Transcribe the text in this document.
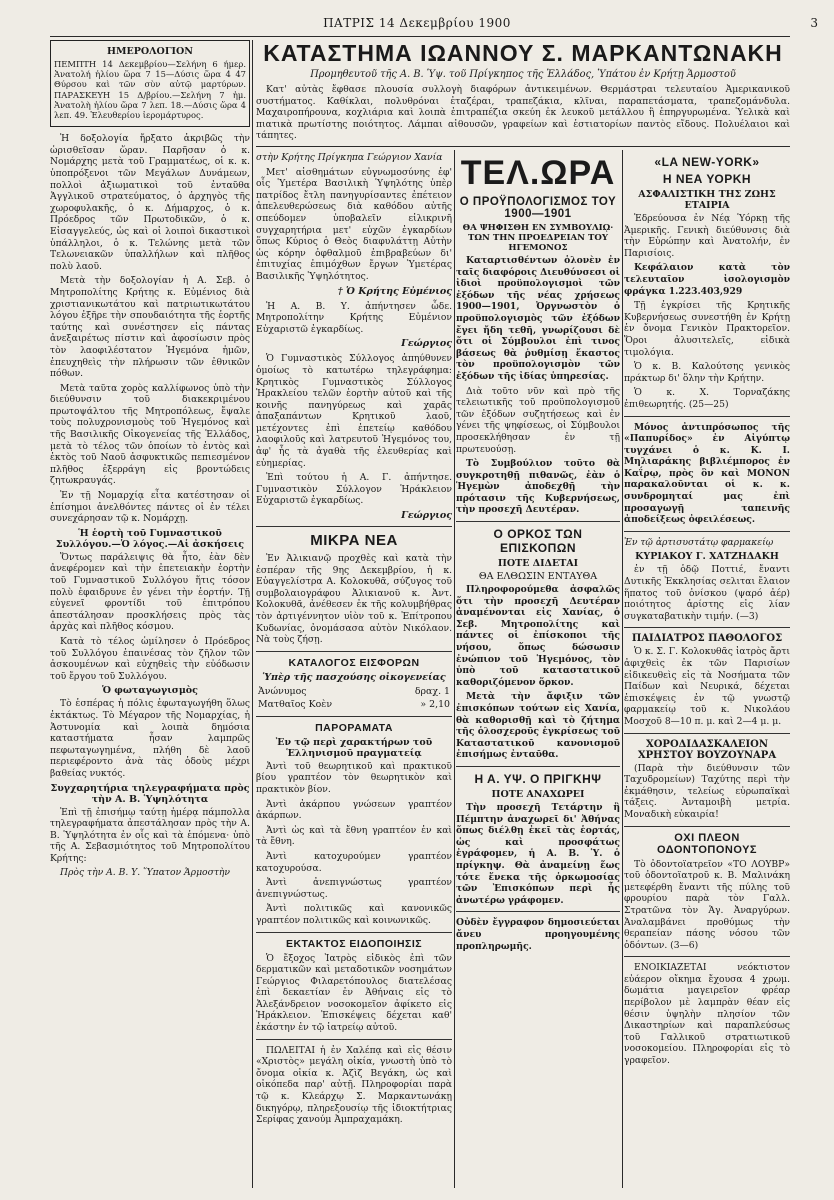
ΠΑΤΡΙΣ 14 Δεκεμβρίου 1900	3
ΗΜΕΡΟΛΟΓΙΟΝ

ΠΕΜΠΤΗ 14 Δεκεμβρίου—Σελήνη 6 ήμερ. Ἀνατολή ἡλίου ὥρα 7 15—Δύσις ὥρα 4 47 Θύρσου καὶ τῶν σὺν αὐτῷ μαρτύρων. ΠΑΡΑΣΚΕΥΗ 15 Δ/βρίου.—Σελήνη 7 ἡμ. Ἀνατολὴ ἡλίου ὥρα 7 λεπ. 18.—Δύσις ὥρα 4 λεπ. 49. Ἐλευθερίου ἱερομάρτυρος.

Ἡ δοξολογία ἤρξατο ἀκριβῶς τὴν ὡρισθεῖσαν ὥραν. Παρῆσαν ὁ κ. Νομάρχης μετὰ τοῦ Γραμματέως, οἱ κ. κ. ὑποπρόξενοι τῶν Μεγάλων Δυνάμεων, πολλοὶ ἀξιωματικοὶ τοῦ ἐνταῦθα Ἀγγλικοῦ στρατεύματος, ὁ ἀρχηγὸς τῆς χωροφυλακῆς, ὁ κ. Δήμαρχος, ὁ κ. Πρόεδρος τῶν Πρωτοδικῶν, ὁ κ. Εἰσαγγελεύς, ὡς καὶ οἱ λοιποὶ δικαστικοὶ ὑπάλληλοι, ὁ κ. Τελώνης μετὰ τῶν Τελωνειακῶν ὑπαλλήλων καὶ πλῆθος πολὺ λαοῦ.

Μετὰ τὴν δοξολογίαν ἡ Α. Σεβ. ὁ Μητροπολίτης Κρήτης κ. Εὐμένιος διὰ χριστιανικωτάτου καὶ πατριωτικωτάτου λόγου ἐξῆρε τὴν σπουδαιότητα τῆς ἑορτῆς ταύτης καὶ συνέστησεν εἰς πάντας ἀνεξαιρέτως πίστιν καὶ ἀφοσίωσιν πρὸς τὸν λαοφιλέστατον Ἡγεμόνα ἡμῶν, ἐπευχηθεὶς τὴν πλήρωσιν τῶν ἐθνικῶν πόθων.

Μετὰ ταῦτα χορὸς καλλίφωνος ὑπὸ τὴν διεύθυνσιν τοῦ διακεκριμένου πρωτοψάλτου τῆς Μητροπόλεως, ἔψαλε τοὺς πολυχρονισμοὺς τοῦ Ἡγεμόνος καὶ τῆς Βασιλικῆς Οἰκογενείας τῆς Ἑλλάδος, μετὰ τὸ τέλος τῶν ὁποίων τὸ ἐντὸς καὶ ἐκτὸς τοῦ Ναοῦ ἀσφυκτικῶς πεπιεσμένον πλῆθος ἐξερράγη εἰς βροντώδεις ζητωκραυγάς.

Ἐν τῇ Νομαρχίᾳ εἶτα κατέστησαν οἱ ἐπίσημοι ἀνελθόντες πάντες οἱ ἐν τέλει συνεχάρησαν τῷ κ. Νομάρχῃ.

Ἡ ἑορτὴ τοῦ Γυμναστικοῦ Συλλόγου.—Ὁ λόγος.—Αἱ ἀσκήσεις

Ὅντως παράλειψις θὰ ἦτο, ἐὰν δὲν ἀνεφέρομεν καὶ τὴν ἐπετειακὴν ἑορτὴν τοῦ Γυμναστικοῦ Συλλόγου ἥτις τόσον πολὺ ἐφαιδρυνε ἐν γένει τὴν ἑορτήν. Τῇ εὐγενεῖ φροντίδι τοῦ ἐπιτρόπου ἀπεστάλησαν προσκλήσεις πρὸς τὰς ἀρχὰς καὶ πλῆθος κόσμου.

Κατὰ τὸ τέλος ὡμίλησεν ὁ Πρόεδρος τοῦ Συλλόγου ἐπαινέσας τὸν ζῆλον τῶν ἀσκουμένων καὶ εὐχηθεὶς τὴν εὐόδωσιν τοῦ ἔργου τοῦ Συλλόγου.

Ὁ φωταγωγισμὸς

Τὸ ἑσπέρας ἡ πόλις ἐφωταγωγήθη ὅλως ἐκτάκτως. Τὸ Μέγαρον τῆς Νομαρχίας, ἡ Ἀστυνομία καὶ λοιπὰ δημόσια καταστήματα ἦσαν λαμπρῶς πεφωταγωγημένα, πλήθη δὲ λαοῦ περιεφέροντο ἀνὰ τὰς ὁδοὺς μέχρι βαθείας νυκτός.

Συγχαρητήρια τηλεγραφήματα πρὸς τὴν Α. Β. Ὑψηλότητα

Ἐπὶ τῇ ἐπισήμῳ ταύτῃ ἡμέρᾳ πάμπολλα τηλεγραφήματα ἀπεστάλησαν πρὸς τὴν Α. Β. Ὑψηλότητα ἐν οἷς καὶ τὰ ἑπόμενα· ὑπὸ τῆς Α. Σεβασμιότητος τοῦ Μητροπολίτου Κρήτης:

Πρὸς τὴν Α. Β. Υ. Ὕπατον Ἁρμοστὴν

ΚΑΤΑΣΤΗΜΑ ΙΩΑΝΝΟΥ Σ. ΜΑΡΚΑΝΤΩΝΑΚΗ
Προμηθευτοῦ τῆς Α. Β. Ὑψ. τοῦ Πρίγκηπος τῆς Ἑλλάδος, Ὑπάτου ἐν Κρήτῃ Ἁρμοστοῦ

Κατ' αὐτὰς ἔφθασε πλουσία συλλογὴ διαφόρων ἀντικειμένων. Θερμάστραι τελευταίου Ἀμερικανικοῦ συστήματος. Καθίκλαι, πολυθρόναι ἐταζέραι, τραπεζάκια, κλῖναι, παραπετάσματα, τραπεζομάνδυλα. Μαχαιροπήρουνα, κοχλιάρια καὶ λοιπὰ ἐπιτραπέζια σκεύη ἐκ λευκοῦ μετάλλου ἢ ἐπηργυρωμένα. Ὑελικὰ καὶ πιατικὰ πρωτίστης ποιότητος. Λάμπαι αἰθουσῶν, γραφείων καὶ ἑστιατορίων παντὸς εἴδους. Πολυέλαιοι καὶ τάπητες.

στὴν Κρήτης Πρίγκηπα Γεώργιον Χανία

Μετ' αἰσθημάτων εὐγνωμοσύνης ἐφ' οἷς Ὑμετέρα Βασιλικὴ Ὑψηλότης ὑπὲρ πατρίδος ἔτλη πανηγυρίσαντες ἐπέτειον ἀπελευθερώσεως διὰ καθόδου αὐτῆς σπεύδομεν ὑποβαλεῖν εἰλικρινῆ συγχαρητήρια μετ' εὐχῶν ἐγκαρδίων ὅπως Κύριος ὁ Θεὸς διαφυλάττῃ Αὐτὴν ὡς κόρην ὀφθαλμοῦ ἐπιβραβεύων δι' ἐπιτυχίας ἐπιμόχθων ἔργων Ὑμετέρας Βασιλικῆς Ὑψηλότητος.

† Ὁ Κρήτης Εὐμένιος

Ἡ Α. Β. Υ. ἀπήντησεν ὧδε. Μητροπολίτην Κρήτης Εὐμένιον Εὐχαριστῶ ἐγκαρδίως.

Γεώργιος

Ὁ Γυμναστικὸς Σύλλογος ἀπηύθυνεν ὁμοίως τὸ κατωτέρω τηλεγράφημα: Κρητικὸς Γυμναστικὸς Σύλλογος Ἡρακλείου τελῶν ἑορτὴν αὐτοῦ καὶ τῆς κοινῆς πανηγύρεως καὶ χαρᾶς ἀπαξαπάντων Κρητικοῦ λαοῦ, μετέχοντες ἐπὶ ἐπετείῳ καθόδου λαοφιλοῦς καὶ λατρευτοῦ Ἡγεμόνος του, ἀφ' ἧς τὰ ἀγαθὰ τῆς ἐλευθερίας καὶ εὐημερίας.

Ἐπὶ τούτου ἡ Α. Γ. ἀπήντησε. Γυμναστικὸν Σύλλογον Ἡράκλειον Εὐχαριστῶ ἐγκαρδίως.

Γεώργιος
ΜΙΚΡΑ ΝΕΑ

Ἐν Ἀλικιανῷ προχθὲς καὶ κατὰ τὴν ἑσπέραν τῆς 9ης Δεκεμβρίου, ἡ κ. Εὐαγγελίστρα Α. Κολοκυθᾶ, σύζυγος τοῦ συμβολαιογράφου Ἀλικιανοῦ κ. Ἀντ. Κολοκυθᾶ, ἀνέθεσεν ἐκ τῆς κολυμβήθρας τὸν ἀρτιγέννητον υἱὸν τοῦ κ. Ἐπίτροπου Κυδωνίας, ὀνομάσασα αὐτὸν Νικόλαον. Νὰ τοὺς ζήσῃ.

ΚΑΤΑΛΟΓΟΣ ΕΙΣΦΟΡΩΝ
Ὑπὲρ τῆς πασχούσης οἰκογενείας
Ἀνώνυμος	δραχ. 1
Ματθαῖος Κοὲν	» 2,10
ΠΑΡΟΡΑΜΑΤΑ
Ἐν τῷ περὶ χαρακτήρων τοῦ Ἑλληνισμοῦ πραγματείᾳ

Ἀντὶ τοῦ θεωρητικοῦ καὶ πρακτικοῦ βίου γραπτέον τὸν θεωρητικὸν καὶ πρακτικὸν βίον.

Ἀντὶ ἀκάρπου γνώσεων γραπτέον ἀκάρπων.

Ἀντὶ ὡς καὶ τὰ ἔθνη γραπτέον ἐν καὶ τὰ ἔθνη.

Ἀντὶ κατοχυρούμεν γραπτέον κατοχυρούσα.

Ἀντὶ ἀνεπιγνώστως γραπτέον ἀνεπιγνώστως.

Ἀντὶ πολιτικῶς καὶ κανονικῶς γραπτέον πολιτικῶς καὶ κοινωνικῶς.

ΕΚΤΑΚΤΟΣ ΕΙΔΟΠΟΙΗΣΙΣ

Ὁ ἔξοχος Ἰατρὸς εἰδικὸς ἐπὶ τῶν δερματικῶν καὶ μεταδοτικῶν νοσημάτων Γεώργιος Φιλαρετόπουλος διατελέσας ἐπὶ δεκαετίαν ἐν Ἀθήναις εἰς τὸ Ἀλεξάνδρειον νοσοκομεῖον ἀφίκετο εἰς Ἡράκλειον. Ἐπισκέψεις δέχεται καθ' ἑκάστην ἐν τῷ ἰατρείῳ αὐτοῦ.

ΠΩΛΕΙΤΑΙ ἡ ἐν Χαλέπᾳ καὶ εἰς θέσιν «Χριστὸς» μεγάλη οἰκία, γνωστὴ ὑπὸ τὸ ὄνομα οἰκία κ. Ἀζὶζ Βεγάκη, ὡς καὶ οἰκόπεδα παρ' αὐτῇ. Πληροφορίαι παρὰ τῷ κ. Κλεάρχῳ Σ. Μαρκαντωνάκῃ δικηγόρῳ, πληρεξουσίῳ τῆς ἰδιοκτήτριας Σερίφας χανούμ Ἀμπραχαμάκη.

ΤΕΛ.ΩΡΑ
Ο ΠΡΟΫΠΟΛΟΓΙΣΜΟΣ ΤΟΥ 1900—1901
ΘΑ ΨΗΦΙΣΘΗ ΕΝ ΣΥΜΒΟΥΛΙῼ· ΤΩΝ ΤΗΝ ΠΡΟΕΔΡΕΙΑΝ ΤΟΥ ΗΓΕΜΟΝΟΣ

Καταρτισθέντων ὁλονὲν ἐν ταῖς διαφόροις Διευθύνσεσι οἱ ἰδιοὶ προϋπολογισμοὶ τῶν ἐξόδων τῆς νέας χρήσεως 1900—1901, Ὀργνωστὸν ὁ προϋπολογισμὸς τῶν ἐξόδων ἔγει ἤδη τεθῆ, γνωρίζουσι δὲ ὅτι οἱ Σύμβουλοι ἐπὶ τινος βάσεως θὰ ῥυθμίσῃ ἕκαστος τὸν προϋπολογισμὸν τῶν ἐξόδων τῆς ἰδίας ὑπηρεσίας.

Διὰ τοῦτο νῦν καὶ πρὸ τῆς τελειωτικῆς τοῦ προϋπολογισμοῦ τῶν ἐξόδων συζητήσεως καὶ ἐν γένει τῆς ψηφίσεως, οἱ Σύμβουλοι προσεκλήθησαν ἐν τῇ πρωτευούσῃ.

Τὸ Συμβούλιον τοῦτο θὰ συγκροτηθῇ πιθανῶς, ἐὰν ὁ Ἡγεμὼν ἀποδεχθῇ τὴν πρότασιν τῆς Κυβερνήσεως, τὴν προσεχῆ Δευτέραν.

Ο ΟΡΚΟΣ ΤΩΝ ΕΠΙΣΚΟΠΩΝ
ΠΟΤΕ ΔΙΔΕΤΑΙ
ΘΑ ΕΛΘΩΣΙΝ ΕΝΤΑΥΘΑ

Πληροφορούμεθα ἀσφαλῶς ὅτι τὴν προσεχῆ Δευτέραν ἀναμένονται εἰς Χανίας, ὁ Σεβ. Μητροπολίτης καὶ πάντες οἱ ἐπίσκοποι τῆς νήσου, ὅπως δώσωσιν ἐνώπιον τοῦ Ἡγεμόνος, τὸν ὑπὸ τοῦ καταστατικοῦ καθοριζόμενον ὅρκον.

Μετὰ τὴν ἄφιξιν τῶν ἐπισκόπων τούτων εἰς Χανία, θὰ καθορισθῇ καὶ τὸ ζήτημα τῆς ὁλοσχεροῦς ἐγκρίσεως τοῦ Καταστατικοῦ κανονισμοῦ ἐπισήμως ἐνταῦθα.

Η Α. ΥΨ. Ο ΠΡΙΓΚΗΨ
ΠΟΤΕ ΑΝΑΧΩΡΕΙ

Τὴν προσεχῆ Τετάρτην ἢ Πέμπτην ἀναχωρεῖ δι' Ἀθήνας ὅπως διέλθῃ ἐκεῖ τὰς ἑορτάς, ὡς καὶ προσφάτως ἐγράφομεν, ἡ Α. Β. Ὑ. ὁ πρίγκηψ. Θὰ ἀναμείνῃ ἕως τότε ἕνεκα τῆς ὁρκωμοσίας τῶν Ἐπισκόπων περὶ ἧς ἀνωτέρω γράφομεν.

Οὐδὲν ἔγγραφον δημοσιεύεται ἄνευ προηγουμένης προπληρωμῆς.

«LA NEW-YORK»
Η ΝΕΑ ΥΟΡΚΗ
ΑΣΦΑΛΙΣΤΙΚΗ ΤΗΣ ΖΩΗΣ ΕΤΑΙΡΙΑ

Ἑδρεύουσα ἐν Νέᾳ Ὑόρκῃ τῆς Ἀμερικῆς. Γενικὴ διεύθυνσις διὰ τὴν Εὐρώπην καὶ Ἀνατολήν, ἐν Παρισίοις.

Κεφάλαιον κατὰ τὸν τελευταῖον ἰσολογισμὸν φράγκα 1.223.403,929

Τῇ ἐγκρίσει τῆς Κρητικῆς Κυβερνήσεως συνεστήθη ἐν Κρήτῃ ἐν ὄνομα Γενικὸν Πρακτορεῖον. Ὅροι ἀλυσιτελεῖς, εἰδικὰ τιμολόγια.

Ὁ κ. Β. Καλούτσης γενικὸς πράκτωρ δι' ὅλην τὴν Κρήτην.

Ὁ κ. Χ. Τορναζάκης ἐπιθεωρητής. (25—25)

Μόνος ἀντιπρόσωπος τῆς «Παπυρίδος» ἐν Αἰγύπτῳ τυγχάνει ὁ κ. Κ. Ι. Μηλιαράκης βιβλιέμπορος ἐν Καΐρῳ, πρὸς ὃν καὶ ΜΟΝΟΝ παρακαλοῦνται οἱ κ. κ. συνδρομηταί μας ἐπὶ προσαγωγῇ ταπεινῆς ἀποδείξεως ὀφειλέσεως.

Ἐν τῷ ἀρτισυστάτῳ φαρμακείῳ

ΚΥΡΙΑΚΟΥ Γ. ΧΑΤΖΗΔΑΚΗ

ἐν τῇ ὁδῷ Ποττιέ, ἔναντι Δυτικῆς Ἐκκλησίας σελιται ἔλαιον ἥπατος τοῦ ὀνίσκου (ψαρό ἀέρ) ποιότητος ἀρίστης εἰς λίαν συγκαταβατικὴν τιμήν. (—3)

ΠΑΙΔΙΑΤΡΟΣ ΠΑΘΟΛΟΓΟΣ

Ὁ κ. Σ. Γ. Κολοκυθᾶς ἰατρὸς ἄρτι ἀφιχθεὶς ἐκ τῶν Παρισίων εἰδικευθεὶς εἰς τὰ Νοσήματα τῶν Παίδων καὶ Νευρικά, δέχεται ἐπισκέψεις ἐν τῷ γνωστῷ φαρμακείῳ τοῦ κ. Νικολάου Μοσχοῦ 8—10 π. μ. καὶ 2—4 μ. μ.

ΧΟΡΟΔΙΔΑΣΚΑΛΕΙΟΝ ΧΡΗΣΤΟΥ ΒΟΥΖΟΥΝΑΡΑ

(Παρὰ τὴν διεύθυνσιν τῶν Ταχυδρομείων) Ταχύτης περὶ τὴν ἐκμάθησιν, τελείως εὐρωπαϊκαὶ τάξεις. Ἀνταμοιβὴ μετρία. Μοναδικὴ εὐκαιρία!

ΟΧΙ ΠΛΕΟΝ ΟΔΟΝΤΟΠΟΝΟΥΣ

Τὸ ὀδοντοϊατρεῖον «ΤΟ ΛΟΥΒΡ» τοῦ ὀδοντοϊατροῦ κ. Β. Μαλινάκη μετεφέρθη ἔναντι τῆς πύλης τοῦ φρουρίου παρὰ τὸν Γαλλ. Στρατῶνα τὸν Ἁγ. Ἀναργύρων. Ἀναλαμβάνει προθύμως τὴν θεραπείαν πάσης νόσου τῶν ὀδόντων. (3—6)

ΕΝΟΙΚΙΑΖΕΤΑΙ νεόκτιστον εὐάερον οἴκημα ἔχουσα 4 χρωμ. δωμάτια μαγειρεῖον φρέαρ περίβολον μὲ λαμπρὰν θέαν εἰς θέσιν ὑψηλὴν πλησίον τῶν Δικαστηρίων καὶ παραπλεύσως τοῦ Γαλλικοῦ στρατιωτικοῦ νοσοκομείου. Πληροφορίαι εἰς τὸ γραφεῖον.
